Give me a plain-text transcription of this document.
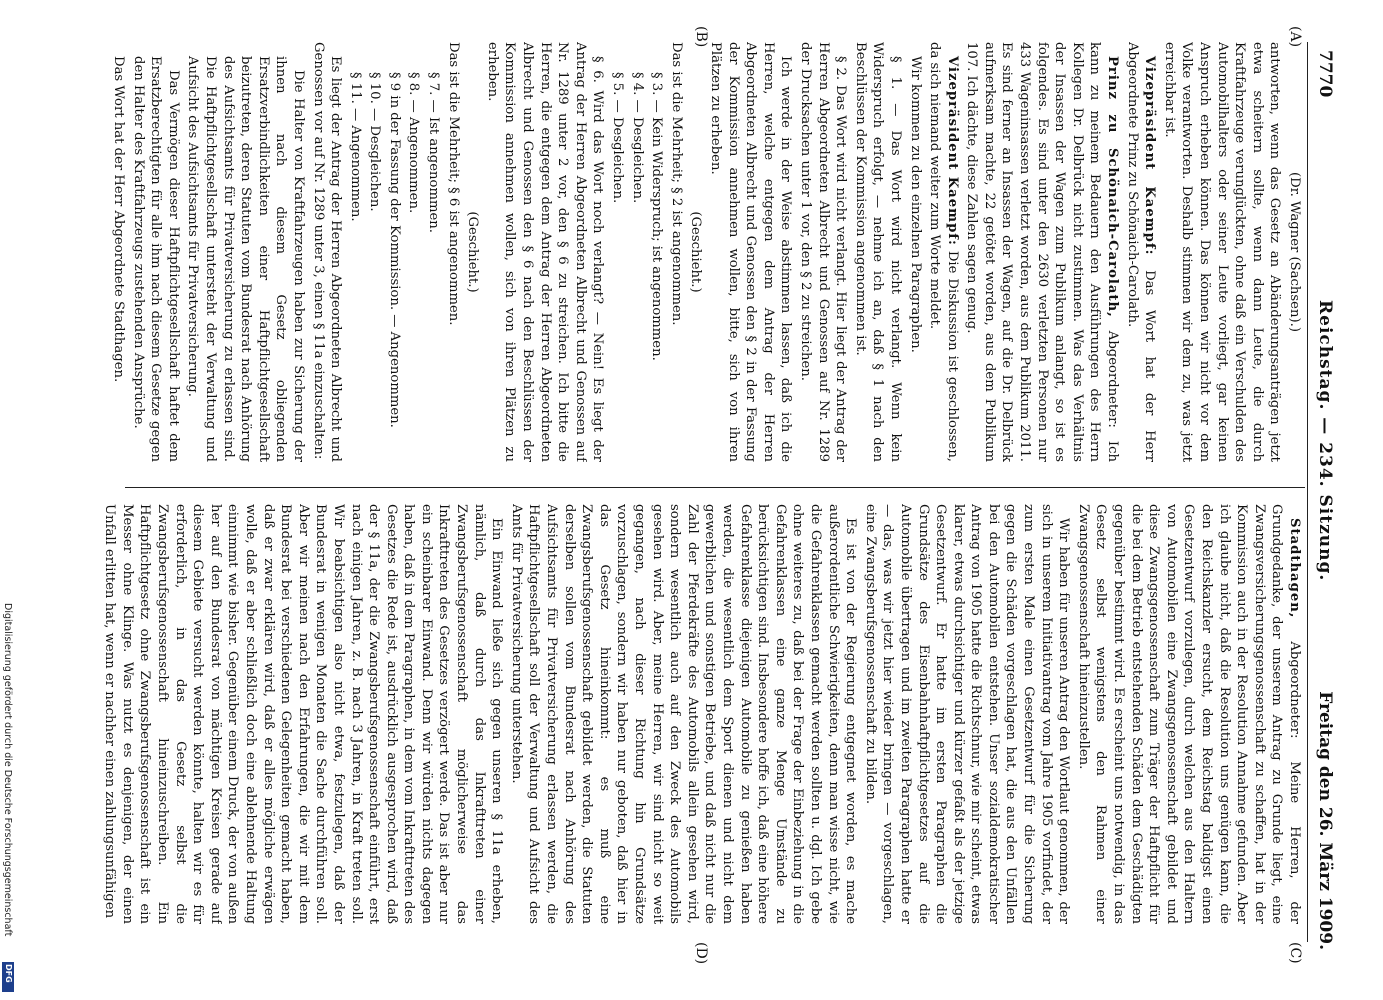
7770
Reichstag. — 234. Sitzung.
Freitag den 26. März 1909.
(A)
(B)
(C)
(D)

(Dr. Wagner (Sachsen).)

antworten, wenn das Gesetz an Abänderungsanträgen jetzt etwa scheitern sollte, wenn dann Leute, die durch Kraftfahrzeuge verunglückten, ohne daß ein Verschulden des Automobilhalters oder seiner Leute vorliegt, gar keinen Anspruch erheben können. Das können wir nicht vor dem Volke verantworten. Deshalb stimmen wir dem zu, was jetzt erreichbar ist.

Vizepräsident Kaempf: Das Wort hat der Herr Abgeordnete Prinz zu Schönaich-Carolath.

Prinz zu Schönaich-Carolath, Abgeordneter: Ich kann zu meinem Bedauern den Ausführungen des Herrn Kollegen Dr. Delbrück nicht zustimmen. Was das Verhältnis der Insassen der Wagen zum Publikum anlangt, so ist es folgendes. Es sind unter den 2630 verletzten Personen nur 433 Wageninsassen verletzt worden, aus dem Publikum 2011. Es sind ferner an Insassen der Wagen, auf die Dr. Delbrück aufmerksam machte, 22 getötet worden, aus dem Publikum 107. Ich dächte, diese Zahlen sagen genug.

Vizepräsident Kaempf: Die Diskussion ist geschlossen, da sich niemand weiter zum Worte meldet.

Wir kommen zu den einzelnen Paragraphen.

§ 1. — Das Wort wird nicht verlangt. Wenn kein Widerspruch erfolgt, — nehme ich an, daß § 1 nach den Beschlüssen der Kommission angenommen ist.

§ 2. Das Wort wird nicht verlangt. Hier liegt der Antrag der Herren Abgeordneten Albrecht und Genossen auf Nr. 1289 der Drucksachen unter 1 vor, den § 2 zu streichen.

Ich werde in der Weise abstimmen lassen, daß ich die Herren, welche entgegen dem Antrag der Herren Abgeordneten Albrecht und Genossen den § 2 in der Fassung der Kommission annehmen wollen, bitte, sich von ihren Plätzen zu erheben.

(Geschieht.)

Das ist die Mehrheit; § 2 ist angenommen.

§ 3. — Kein Widerspruch; ist angenommen.

§ 4. — Desgleichen.

§ 5. — Desgleichen.

§ 6. Wird das Wort noch verlangt? — Nein! Es liegt der Antrag der Herren Abgeordneten Albrecht und Genossen auf Nr. 1289 unter 2 vor, den § 6 zu streichen. Ich bitte die Herren, die entgegen dem Antrag der Herren Abgeordneten Albrecht und Genossen den § 6 nach den Beschlüssen der Kommission annehmen wollen, sich von ihren Plätzen zu erheben.

(Geschieht.)

Das ist die Mehrheit; § 6 ist angenommen.

§ 7. — Ist angenommen.

§ 8. — Angenommen.

§ 9 in der Fassung der Kommission. — Angenommen.

§ 10. — Desgleichen.

§ 11. — Angenommen.

Es liegt der Antrag der Herren Abgeordneten Albrecht und Genossen vor auf Nr. 1289 unter 3, einen § 11a einzuschalten:

Die Halter von Kraftfahrzeugen haben zur Sicherung der ihnen nach diesem Gesetz obliegenden Ersatzverbindlichkeiten einer Haftpflichtgesellschaft beizutreten, deren Statuten vom Bundesrat nach Anhörung des Aufsichtsamts für Privatversicherung zu erlassen sind. Die Haftpflichtgesellschaft untersteht der Verwaltung und Aufsicht des Aufsichtsamts für Privatversicherung.

Das Vermögen dieser Haftpflichtgesellschaft haftet dem Ersatzberechtigten für alle ihm nach diesem Gesetze gegen den Halter des Kraftfahrzeugs zustehenden Ansprüche.

Das Wort hat der Herr Abgeordnete Stadthagen.

Stadthagen, Abgeordneter: Meine Herren, der Grundgedanke, der unserem Antrag zu Grunde liegt, eine Zwangsversicherungsgenossenschaft zu schaffen, hat in der Kommission auch in der Resolution Annahme gefunden. Aber ich glaube nicht, daß die Resolution uns genügen kann, die den Reichskanzler ersucht, dem Reichstag baldigst einen Gesetzentwurf vorzulegen, durch welchen aus den Haltern von Automobilen eine Zwangsgenossenschaft gebildet und diese Zwangsgenossenschaft zum Träger der Haftpflicht für die bei dem Betrieb entstehenden Schäden dem Geschädigten gegenüber bestimmt wird. Es erscheint uns notwendig, in das Gesetz selbst wenigstens den Rahmen einer Zwangsgenossenschaft hineinzustellen.

Wir haben für unseren Antrag den Wortlaut genommen, der sich in unserem Initiativantrag vom Jahre 1905 vorfindet, der zum ersten Male einen Gesetzentwurf für die Sicherung gegen die Schäden vorgeschlagen hat, die aus den Unfällen bei den Automobilen entstehen. Unser sozialdemokratischer Antrag von 1905 hatte die Richtschnur, wie mir scheint, etwas klarer, etwas durchsichtiger und kürzer gefaßt als der jetzige Gesetzentwurf. Er hatte im ersten Paragraphen die Grundsätze des Eisenbahnhaftpflichtgesetzes auf die Automobile übertragen und im zweiten Paragraphen hatte er — das, was wir jetzt hier wieder bringen — vorgeschlagen, eine Zwangsberufsgenossenschaft zu bilden.

Es ist von der Regierung entgegnet worden, es mache außerordentliche Schwierigkeiten, denn man wisse nicht, wie die Gefahrenklassen gemacht werden sollten u. dgl. Ich gebe ohne weiteres zu, daß bei der Frage der Einbeziehung in die Gefahrenklassen eine ganze Menge Umstände zu berücksichtigen sind. Insbesondere hoffe ich, daß eine höhere Gefahrenklasse diejenigen Automobile zu genießen haben werden, die wesentlich dem Sport dienen und nicht dem gewerblichen und sonstigen Betriebe, und daß nicht nur die Zahl der Pferdekräfte des Automobils allein gesehen wird, sondern wesentlich auch auf den Zweck des Automobils gesehen wird. Aber, meine Herren, wir sind nicht so weit gegangen, nach dieser Richtung hin Grundsätze vorzuschlagen, sondern wir haben nur geboten, daß hier in das Gesetz hineinkommt: es muß eine Zwangsberufsgenossenschaft gebildet werden, die Statuten derselben sollen vom Bundesrat nach Anhörung des Aufsichtsamts für Privatversicherung erlassen werden, die Haftpflichtgesellschaft soll der Verwaltung und Aufsicht des Amts für Privatversicherung unterstehen.

Ein Einwand ließe sich gegen unseren § 11a erheben, nämlich, daß durch das Inkrafttreten einer Zwangsberufsgenossenschaft möglicherweise das Inkrafttreten des Gesetzes verzögert werde. Das ist aber nur ein scheinbarer Einwand. Denn wir würden nichts dagegen haben, daß in dem Paragraphen, in dem vom Inkrafttreten des Gesetzes die Rede ist, ausdrücklich ausgesprochen wird, daß der § 11a, der die Zwangsberufsgenossenschaft einführt, erst nach einigen Jahren, z. B. nach 3 Jahren, in Kraft treten soll. Wir beabsichtigen also nicht etwa, festzulegen, daß der Bundesrat in wenigen Monaten die Sache durchführen soll. Aber wir meinen nach den Erfahrungen, die wir mit dem Bundesrat bei verschiedenen Gelegenheiten gemacht haben, daß er zwar erklären wird, daß er alles mögliche erwägen wolle, daß er aber schließlich doch eine ablehnende Haltung einnimmt wie bisher. Gegenüber einem Druck, der von außen her auf den Bundesrat von mächtigen Kreisen gerade auf diesem Gebiete versucht werden könnte, halten wir es für erforderlich, in das Gesetz selbst die Zwangsberufsgenossenschaft hineinzuschreiben. Ein Haftpflichtgesetz ohne Zwangsberufsgenossenschaft ist ein Messer ohne Klinge. Was nutzt es denjenigen, der einen Unfall erlitten hat, wenn er nachher einen zahlungsunfähigen

Digitalisierung gefördert durch die Deutsche Forschungsgemeinschaft
DFG
